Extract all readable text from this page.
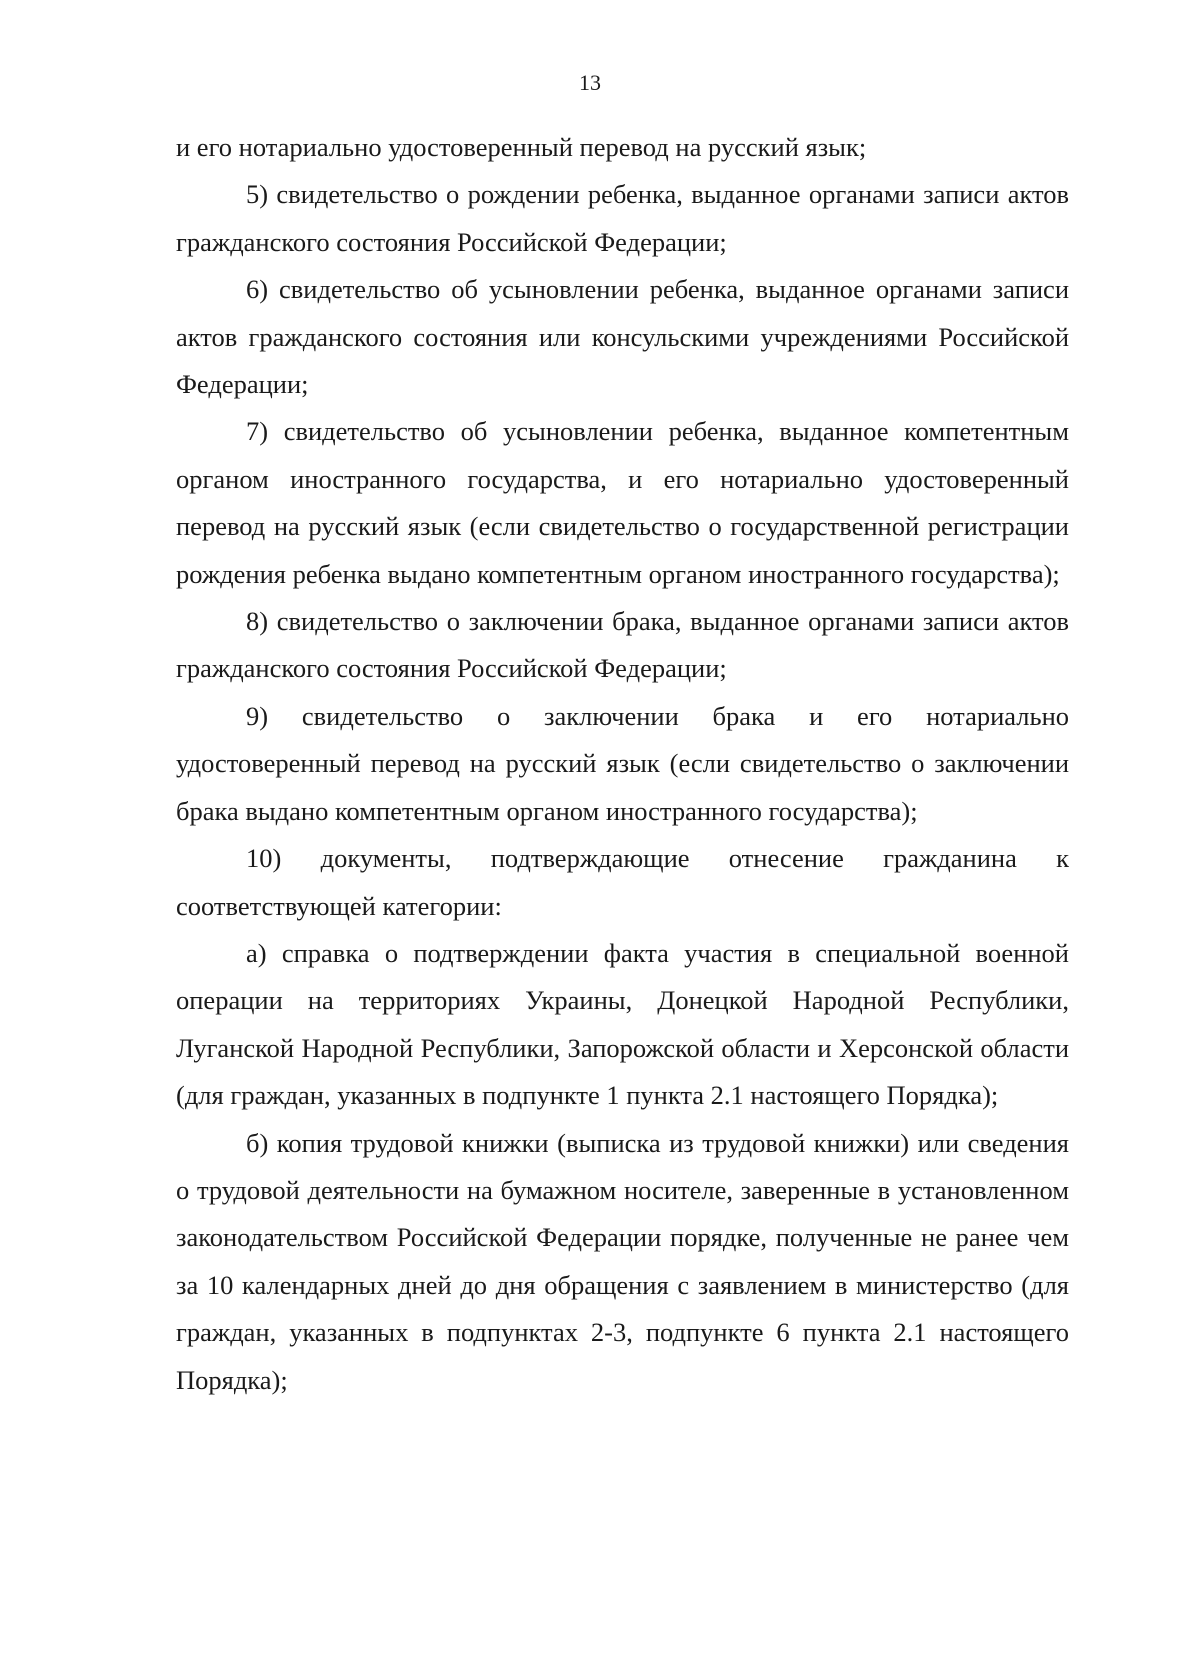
13

и его нотариально удостоверенный перевод на русский язык;

5) свидетельство о рождении ребенка, выданное органами записи актов гражданского состояния Российской Федерации;

6) свидетельство об усыновлении ребенка, выданное органами записи актов гражданского состояния или консульскими учреждениями Российской Федерации;

7) свидетельство об усыновлении ребенка, выданное компетентным органом иностранного государства, и его нотариально удостоверенный перевод на русский язык (если свидетельство о государственной регистрации рождения ребенка выдано компетентным органом иностранного государства);

8) свидетельство о заключении брака, выданное органами записи актов гражданского состояния Российской Федерации;

9) свидетельство о заключении брака и его нотариально удостоверенный перевод на русский язык (если свидетельство о заключении брака выдано компетентным органом иностранного государства);

10) документы, подтверждающие отнесение гражданина к соответствующей категории:

а) справка о подтверждении факта участия в специальной военной операции на территориях Украины, Донецкой Народной Республики, Луганской Народной Республики, Запорожской области и Херсонской области (для граждан, указанных в подпункте 1 пункта 2.1 настоящего Порядка);

б) копия трудовой книжки (выписка из трудовой книжки) или сведения о трудовой деятельности на бумажном носителе, заверенные в установленном законодательством Российской Федерации порядке, полученные не ранее чем за 10 календарных дней до дня обращения с заявлением в министерство (для граждан, указанных в подпунктах 2-3, подпункте 6 пункта 2.1 настоящего Порядка);
